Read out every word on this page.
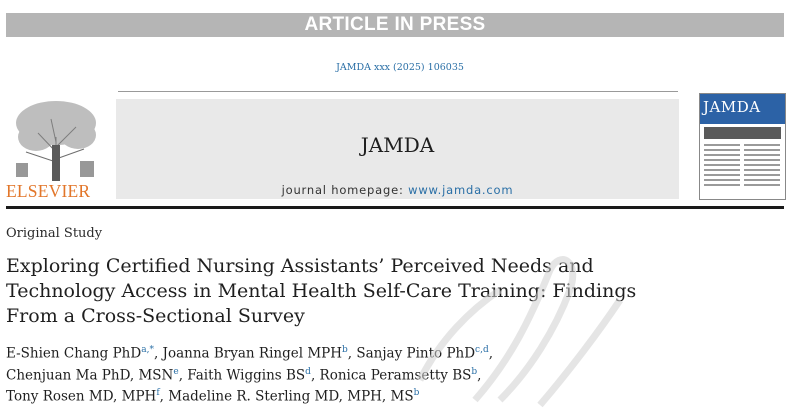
ARTICLE IN PRESS
JAMDA xxx (2025) 106035
ELSEVIER
JAMDA
journal homepage: www.jamda.com
JAMDA
Original Study
Exploring Certified Nursing Assistants’ Perceived Needs and
Technology Access in Mental Health Self-Care Training: Findings
From a Cross-Sectional Survey
E-Shien Chang PhD$^{a,*}$, Joanna Bryan Ringel MPH$^b$, Sanjay Pinto PhD$^{c,d}$,
Chenjuan Ma PhD, MSN$^e$, Faith Wiggins $BS^d$, Ronica Peramsetty $BS^b$,
Tony Rosen MD, MPH$^f$, Madeline R. Sterling MD, MPH, $MS^b$
